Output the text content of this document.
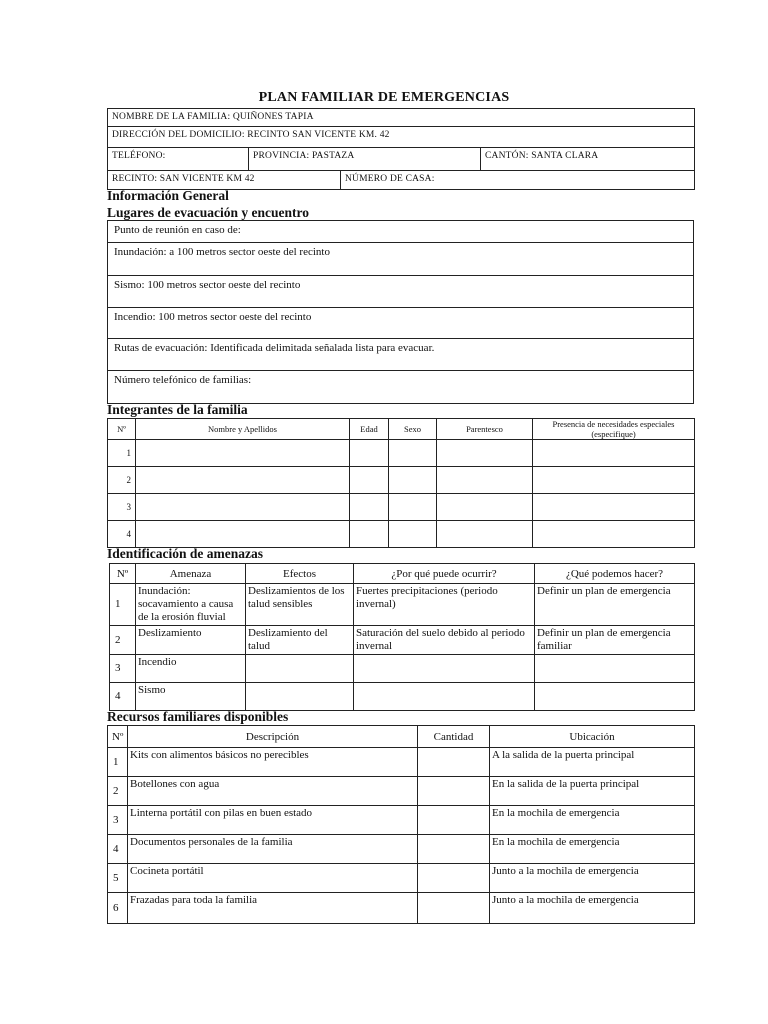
PLAN FAMILIAR DE EMERGENCIAS
NOMBRE DE LA FAMILIA: QUIÑONES TAPIA			
DIRECCIÓN DEL DOMICILIO: RECINTO SAN VICENTE KM. 42			
TELÉFONO:	PROVINCIA: PASTAZA		CANTÓN: SANTA CLARA
RECINTO: SAN VICENTE KM 42		NÚMERO DE CASA:	
Información General
Lugares de evacuación y encuentro
Punto de reunión en caso de:
Inundación: a 100 metros sector oeste del recinto
Sismo: 100 metros sector oeste del recinto
Incendio: 100 metros sector oeste del recinto
Rutas de evacuación: Identificada delimitada señalada lista para evacuar.
Número telefónico de familias:
Integrantes de la familia
Nº	Nombre y Apellidos	Edad	Sexo	Parentesco	Presencia de necesidades especiales (especifique)
1					
2					
3					
4					
Identificación de amenazas
Nº	Amenaza	Efectos	¿Por qué puede ocurrir?	¿Qué podemos hacer?
1	Inundación: socavamiento a causa de la erosión fluvial	Deslizamientos de los talud sensibles	Fuertes precipitaciones (periodo invernal)	Definir un plan de emergencia
2	Deslizamiento	Deslizamiento del talud	Saturación del suelo debido al periodo invernal	Definir un plan de emergencia familiar
3	Incendio			
4	Sismo			
Recursos familiares disponibles
Nº	Descripción	Cantidad	Ubicación
1	Kits con alimentos básicos no perecibles		A la salida de la puerta principal
2	Botellones con agua		En la salida de la puerta principal
3	Linterna portátil con pilas en buen estado		En la mochila de emergencia
4	Documentos personales de la familia		En la mochila de emergencia
5	Cocineta portátil		Junto a la mochila de emergencia
6	Frazadas para toda la familia		Junto a la mochila de emergencia
